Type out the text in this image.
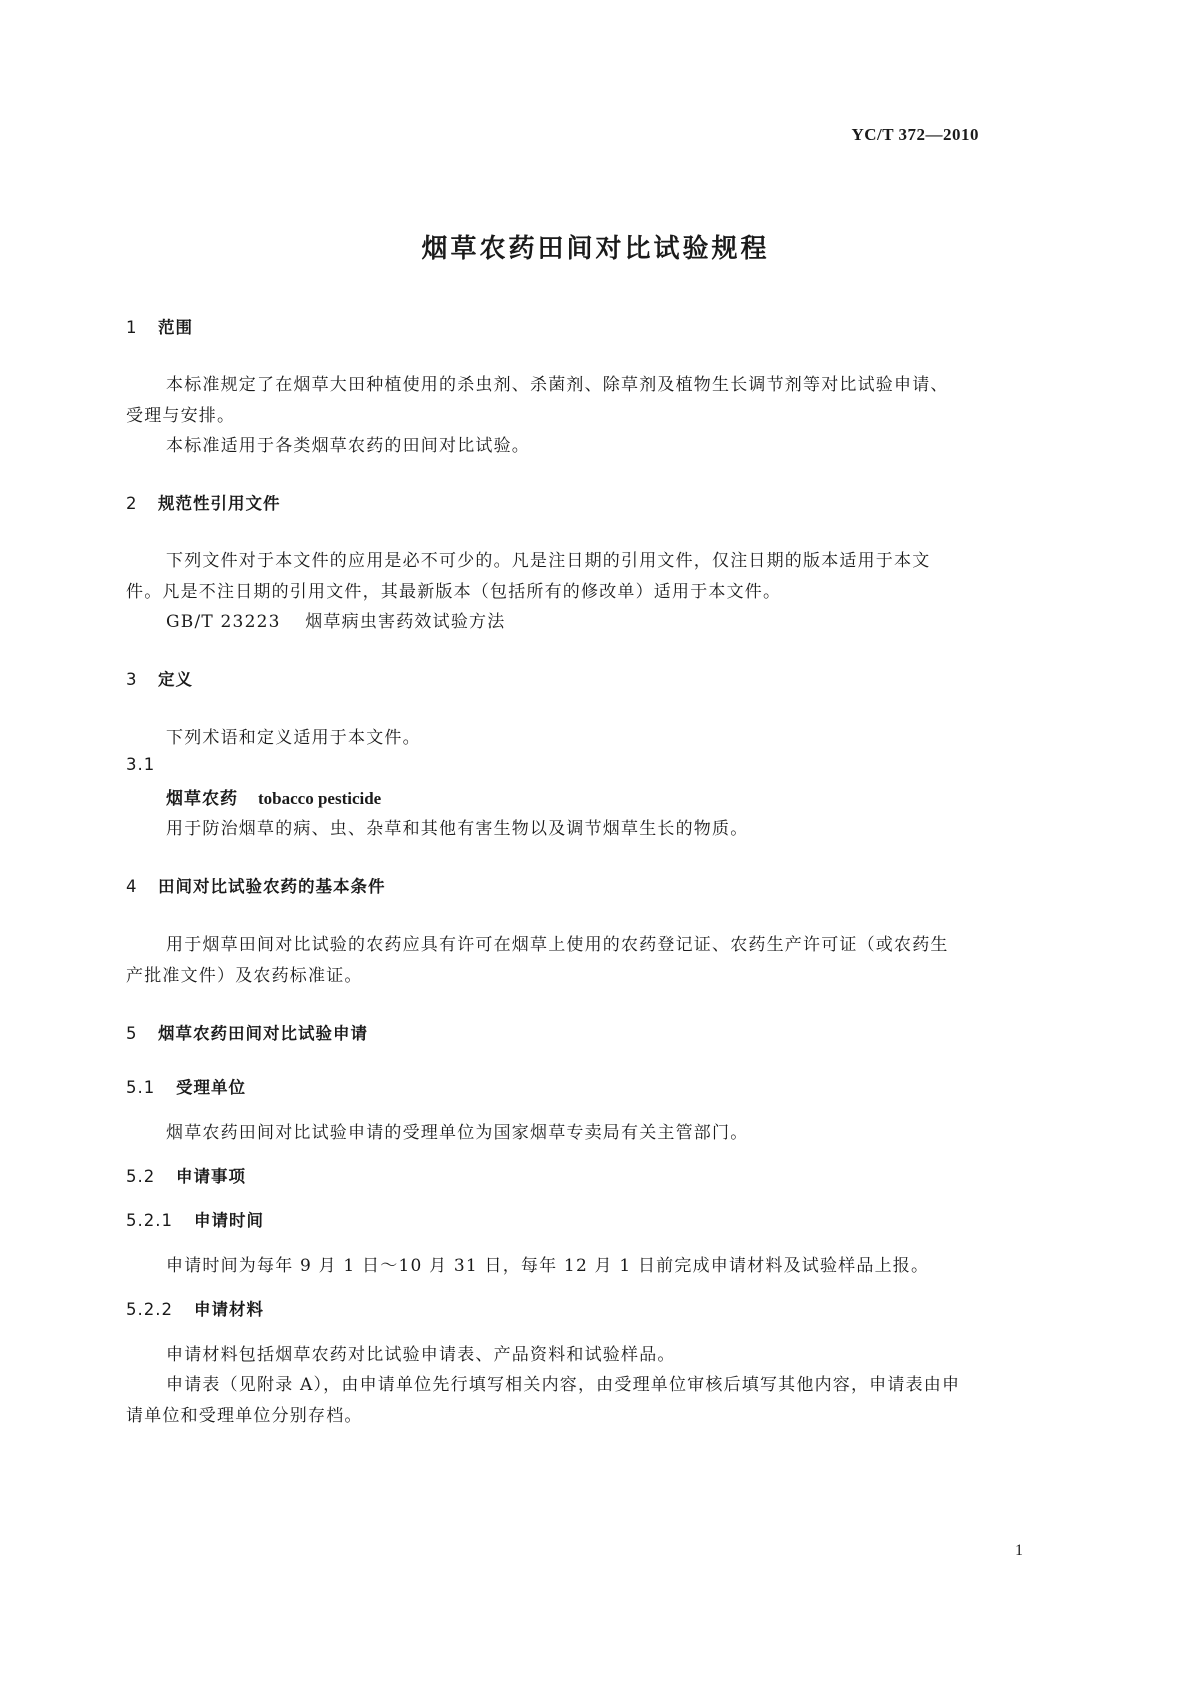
YC/T 372—2010
烟草农药田间对比试验规程
1 范围
本标准规定了在烟草大田种植使用的杀虫剂、杀菌剂、除草剂及植物生长调节剂等对比试验申请、
受理与安排。
本标准适用于各类烟草农药的田间对比试验。
2 规范性引用文件
下列文件对于本文件的应用是必不可少的。凡是注日期的引用文件，仅注日期的版本适用于本文
件。凡是不注日期的引用文件，其最新版本（包括所有的修改单）适用于本文件。
GB/T 23223 烟草病虫害药效试验方法
3 定义
下列术语和定义适用于本文件。
3.1
烟草农药 tobacco pesticide
用于防治烟草的病、虫、杂草和其他有害生物以及调节烟草生长的物质。
4 田间对比试验农药的基本条件
用于烟草田间对比试验的农药应具有许可在烟草上使用的农药登记证、农药生产许可证（或农药生
产批准文件）及农药标准证。
5 烟草农药田间对比试验申请
5.1 受理单位
烟草农药田间对比试验申请的受理单位为国家烟草专卖局有关主管部门。
5.2 申请事项
5.2.1 申请时间
申请时间为每年 9 月 1 日～10 月 31 日，每年 12 月 1 日前完成申请材料及试验样品上报。
5.2.2 申请材料
申请材料包括烟草农药对比试验申请表、产品资料和试验样品。
申请表（见附录 A），由申请单位先行填写相关内容，由受理单位审核后填写其他内容，申请表由申
请单位和受理单位分别存档。
1
